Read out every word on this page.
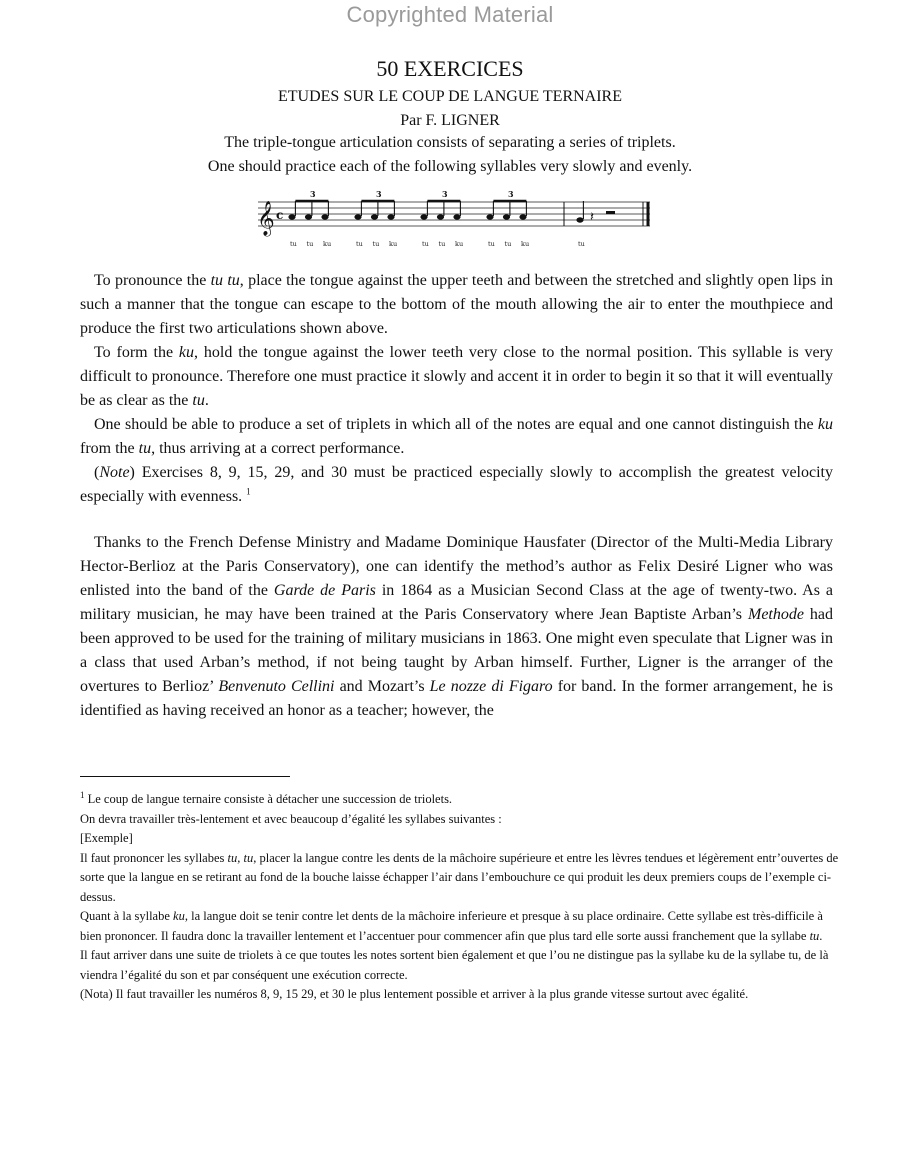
Copyrighted Material
50 EXERCICES
ETUDES SUR LE COUP DE LANGUE TERNAIRE
Par F. LIGNER
The triple-tongue articulation consists of separating a series of triplets.
One should practice each of the following syllables very slowly and evenly.
𝄞 c
3	3	3	3
tu tu ku	tu tu ku	tu tu ku	tu tu ku	tu
𝄽

To pronounce the tu tu, place the tongue against the upper teeth and between the stretched and slightly open lips in such a manner that the tongue can escape to the bottom of the mouth allowing the air to enter the mouthpiece and produce the first two articulations shown above.

To form the ku, hold the tongue against the lower teeth very close to the normal position. This syllable is very difficult to pronounce. Therefore one must practice it slowly and accent it in order to begin it so that it will eventually be as clear as the tu.

One should be able to produce a set of triplets in which all of the notes are equal and one cannot distinguish the ku from the tu, thus arriving at a correct performance.

(Note) Exercises 8, 9, 15, 29, and 30 must be practiced especially slowly to accomplish the greatest velocity especially with evenness. $^1$

Thanks to the French Defense Ministry and Madame Dominique Hausfater (Director of the Multi-Media Library Hector-Berlioz at the Paris Conservatory), one can identify the method’s author as Felix Desiré Ligner who was enlisted into the band of the Garde de Paris in 1864 as a Musician Second Class at the age of twenty-two. As a military musician, he may have been trained at the Paris Conservatory where Jean Baptiste Arban’s Methode had been approved to be used for the training of military musicians in 1863. One might even speculate that Ligner was in a class that used Arban’s method, if not being taught by Arban himself. Further, Ligner is the arranger of the overtures to Berlioz’ Benvenuto Cellini and Mozart’s Le nozze di Figaro for band. In the former arrangement, he is identified as having received an honor as a teacher; however, the

$^1$ Le coup de langue ternaire consiste à détacher une succession de triolets.
On devra travailler très-lentement et avec beaucoup d’égalité les syllabes suivantes :
[Exemple]
Il faut prononcer les syllabes tu, tu, placer la langue contre les dents de la mâchoire supérieure et entre les lèvres tendues et légèrement entr’ouvertes de sorte que la langue en se retirant au fond de la bouche laisse échapper l’air dans l’embouchure ce qui produit les deux premiers coups de l’exemple ci-dessus.
Quant à la syllabe ku, la langue doit se tenir contre let dents de la mâchoire inferieure et presque à su place ordinaire. Cette syllabe est très-difficile à bien prononcer. Il faudra donc la travailler lentement et l’accentuer pour commencer afin que plus tard elle sorte aussi franchement que la syllabe tu.
Il faut arriver dans une suite de triolets à ce que toutes les notes sortent bien également et que l’ou ne distingue pas la syllabe ku de la syllabe tu, de là viendra l’égalité du son et par conséquent une exécution correcte.
(Nota) Il faut travailler les numéros 8, 9, 15 29, et 30 le plus lentement possible et arriver à la plus grande vitesse surtout avec égalité.
